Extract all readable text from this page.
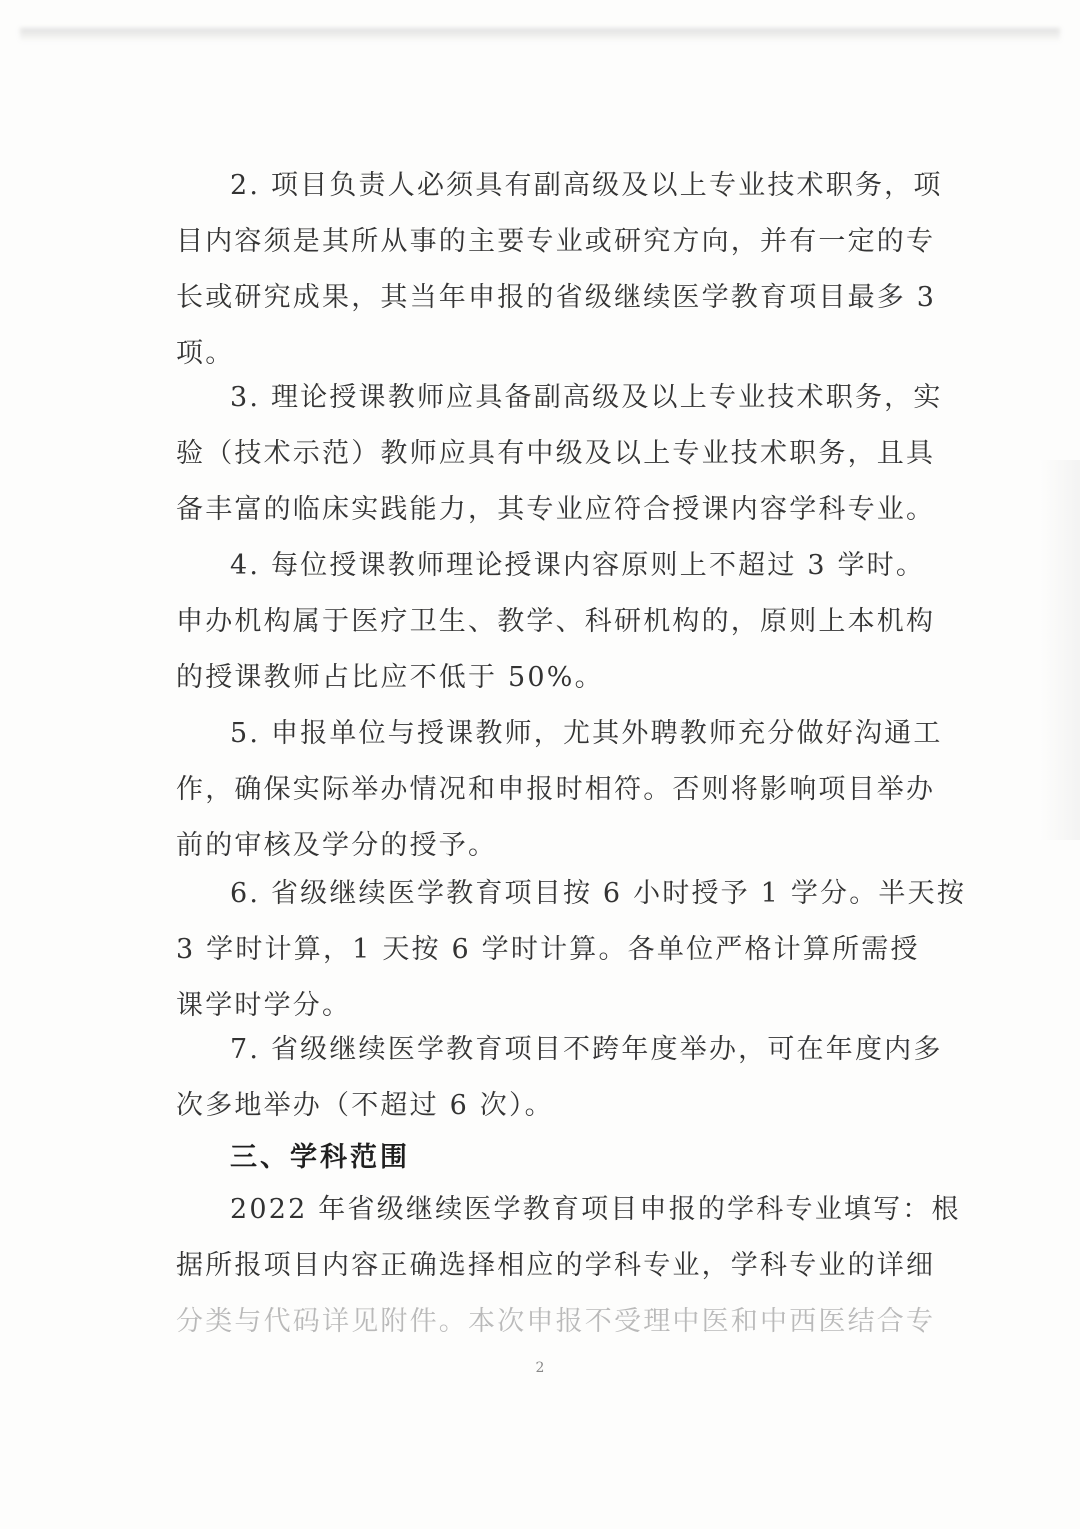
2. 项目负责人必须具有副高级及以上专业技术职务，项
目内容须是其所从事的主要专业或研究方向，并有一定的专
长或研究成果，其当年申报的省级继续医学教育项目最多 3
项。
3. 理论授课教师应具备副高级及以上专业技术职务，实
验（技术示范）教师应具有中级及以上专业技术职务，且具
备丰富的临床实践能力，其专业应符合授课内容学科专业。
4. 每位授课教师理论授课内容原则上不超过 3 学时。
申办机构属于医疗卫生、教学、科研机构的，原则上本机构
的授课教师占比应不低于 50%。
5. 申报单位与授课教师，尤其外聘教师充分做好沟通工
作，确保实际举办情况和申报时相符。否则将影响项目举办
前的审核及学分的授予。
6. 省级继续医学教育项目按 6 小时授予 1 学分。半天按
3 学时计算，1 天按 6 学时计算。各单位严格计算所需授
课学时学分。
7. 省级继续医学教育项目不跨年度举办，可在年度内多
次多地举办（不超过 6 次）。
三、学科范围
2022 年省级继续医学教育项目申报的学科专业填写：根
据所报项目内容正确选择相应的学科专业，学科专业的详细
分类与代码详见附件。本次申报不受理中医和中西医结合专
2
